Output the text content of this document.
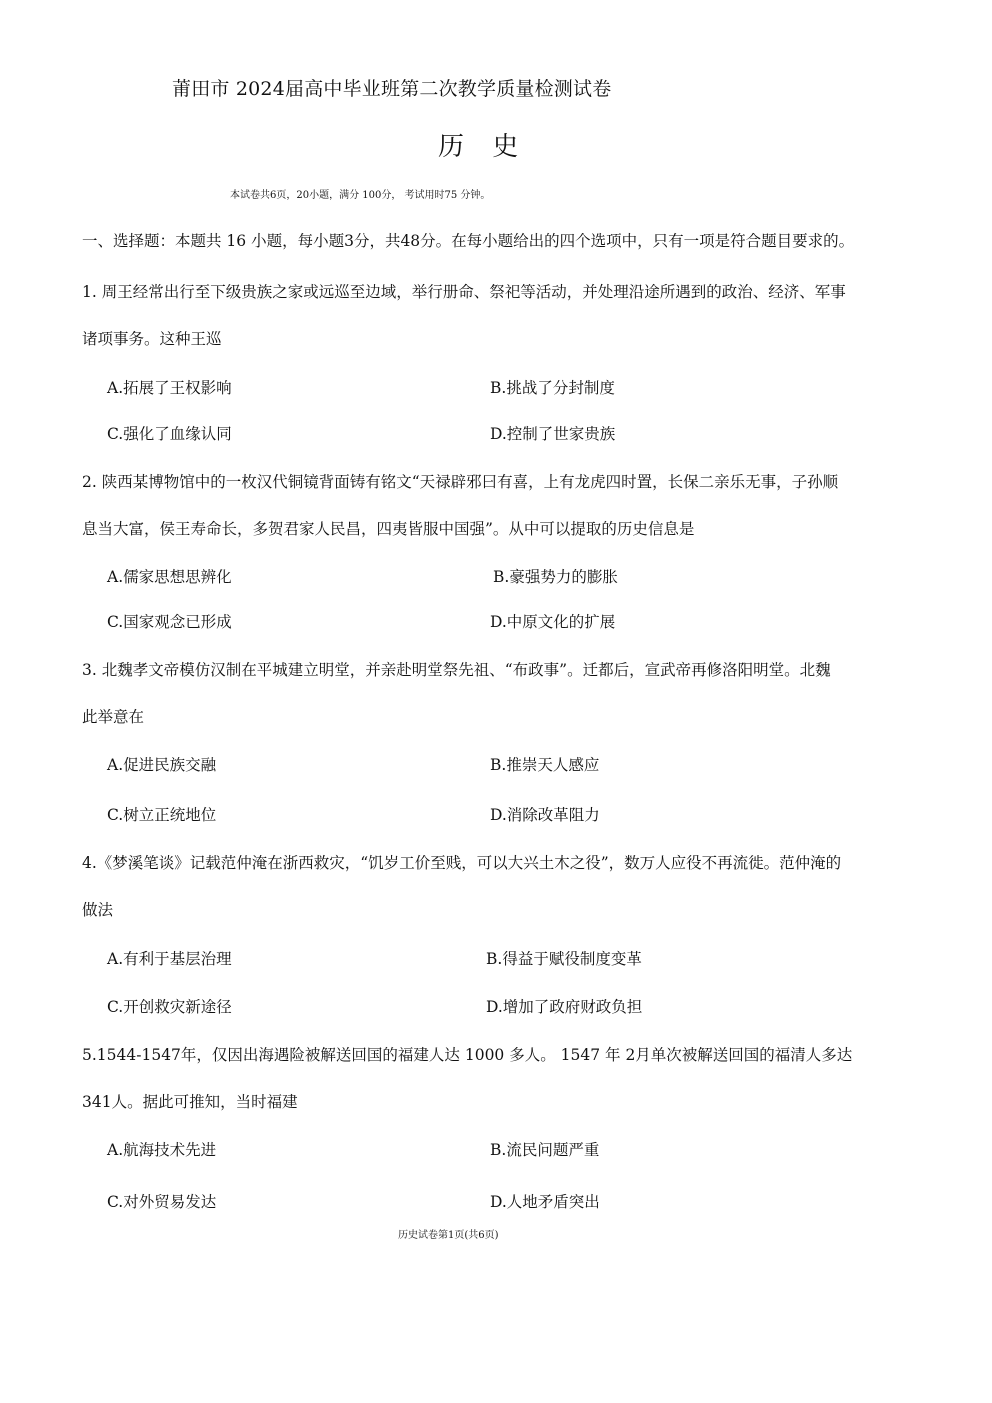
莆田市 2024届高中毕业班第二次教学质量检测试卷
历 史
本试卷共6页，20小题，满分 100分， 考试用时75 分钟。
一、选择题：本题共 16 小题，每小题3分，共48分。在每小题给出的四个选项中，只有一项是符合题目要求的。
1. 周王经常出行至下级贵族之家或远巡至边域，举行册命、祭祀等活动，并处理沿途所遇到的政治、经济、军事
诸项事务。这种王巡
A.拓展了王权影响	B.挑战了分封制度
C.强化了血缘认同	D.控制了世家贵族
2. 陕西某博物馆中的一枚汉代铜镜背面铸有铭文“天禄辟邪曰有喜，上有龙虎四时置，长保二亲乐无事，子孙顺
息当大富，侯王寿命长，多贺君家人民昌，四夷皆服中国强”。从中可以提取的历史信息是
A.儒家思想思辨化	B.豪强势力的膨胀
C.国家观念已形成	D.中原文化的扩展
3. 北魏孝文帝模仿汉制在平城建立明堂，并亲赴明堂祭先祖、“布政事”。迁都后，宣武帝再修洛阳明堂。北魏
此举意在
A.促进民族交融	B.推崇天人感应
C.树立正统地位	D.消除改革阻力
4.《梦溪笔谈》记载范仲淹在浙西救灾，“饥岁工价至贱，可以大兴土木之役”，数万人应役不再流徙。范仲淹的
做法
A.有利于基层治理	B.得益于赋役制度变革
C.开创救灾新途径	D.增加了政府财政负担
5.1544-1547年，仅因出海遇险被解送回国的福建人达 1000 多人。 1547 年 2月单次被解送回国的福清人多达
341人。据此可推知，当时福建
A.航海技术先进	B.流民问题严重
C.对外贸易发达	D.人地矛盾突出
历史试卷第1页(共6页)
